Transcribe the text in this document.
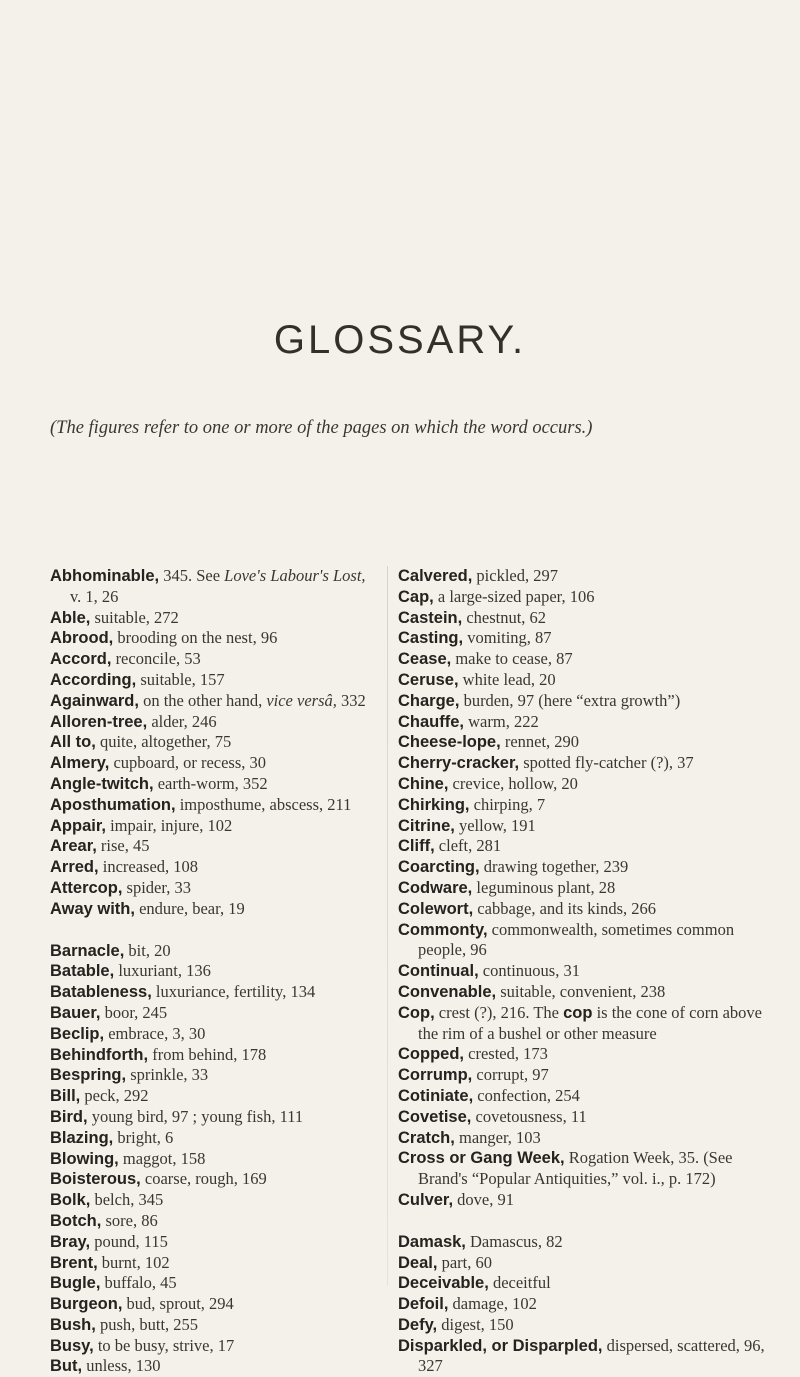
GLOSSARY.
(The figures refer to one or more of the pages on which the word occurs.)

Abhominable, 345. See Love's Labour's Lost, v. 1, 26

Able, suitable, 272

Abrood, brooding on the nest, 96

Accord, reconcile, 53

According, suitable, 157

Againward, on the other hand, vice versâ, 332

Alloren-tree, alder, 246

All to, quite, altogether, 75

Almery, cupboard, or recess, 30

Angle-twitch, earth-worm, 352

Aposthumation, imposthume, abscess, 211

Appair, impair, injure, 102

Arear, rise, 45

Arred, increased, 108

Attercop, spider, 33

Away with, endure, bear, 19

Barnacle, bit, 20

Batable, luxuriant, 136

Batableness, luxuriance, fertility, 134

Bauer, boor, 245

Beclip, embrace, 3, 30

Behindforth, from behind, 178

Bespring, sprinkle, 33

Bill, peck, 292

Bird, young bird, 97 ; young fish, 111

Blazing, bright, 6

Blowing, maggot, 158

Boisterous, coarse, rough, 169

Bolk, belch, 345

Botch, sore, 86

Bray, pound, 115

Brent, burnt, 102

Bugle, buffalo, 45

Burgeon, bud, sprout, 294

Bush, push, butt, 255

Busy, to be busy, strive, 17

But, unless, 130

Calvered, pickled, 297

Cap, a large-sized paper, 106

Castein, chestnut, 62

Casting, vomiting, 87

Cease, make to cease, 87

Ceruse, white lead, 20

Charge, burden, 97 (here “extra growth”)

Chauffe, warm, 222

Cheese-lope, rennet, 290

Cherry-cracker, spotted fly-catcher (?), 37

Chine, crevice, hollow, 20

Chirking, chirping, 7

Citrine, yellow, 191

Cliff, cleft, 281

Coarcting, drawing together, 239

Codware, leguminous plant, 28

Colewort, cabbage, and its kinds, 266

Commonty, commonwealth, sometimes common people, 96

Continual, continuous, 31

Convenable, suitable, convenient, 238

Cop, crest (?), 216. The cop is the cone of corn above the rim of a bushel or other measure

Copped, crested, 173

Corrump, corrupt, 97

Cotiniate, confection, 254

Covetise, covetousness, 11

Cratch, manger, 103

Cross or Gang Week, Rogation Week, 35. (See Brand's “Popular Antiquities,” vol. i., p. 172)

Culver, dove, 91

Damask, Damascus, 82

Deal, part, 60

Deceivable, deceitful

Defoil, damage, 102

Defy, digest, 150

Disparkled, or Disparpled, dispersed, scattered, 96, 327
